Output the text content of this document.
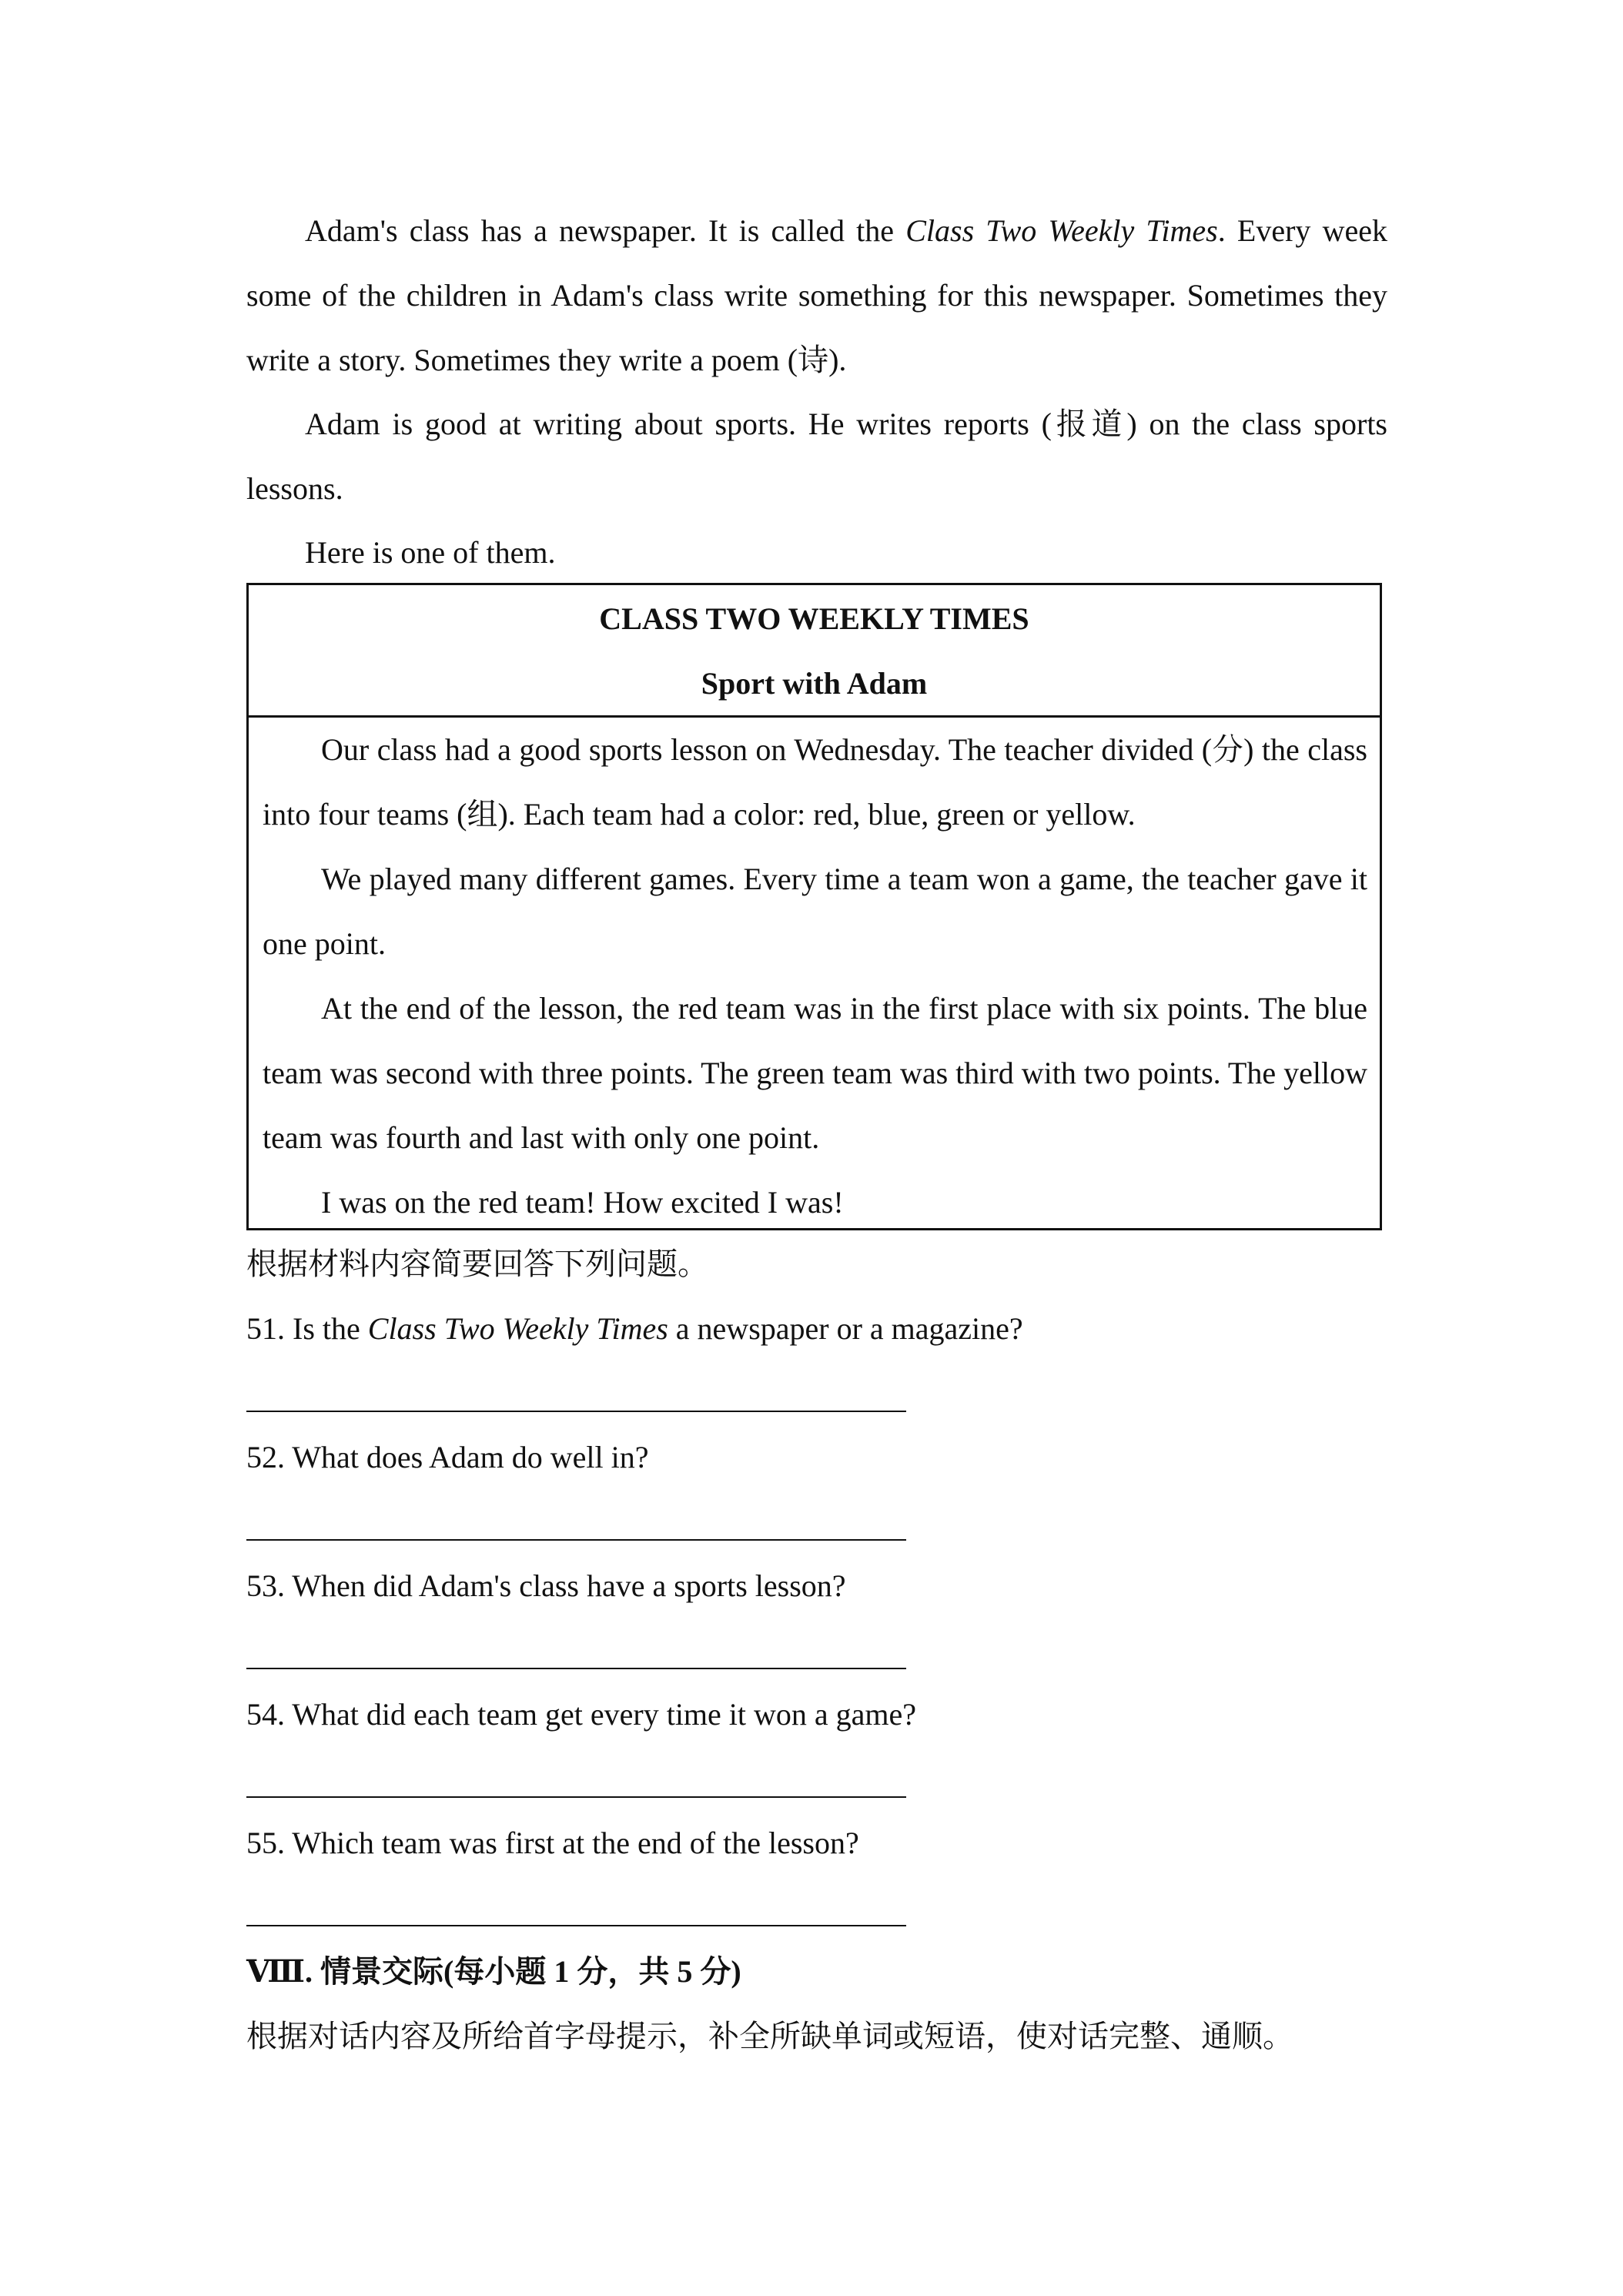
Adam's class has a newspaper. It is called the Class Two Weekly Times. Every week some of the children in Adam's class write something for this newspaper. Sometimes they write a story. Sometimes they write a poem (诗).

Adam is good at writing about sports. He writes reports (报道) on the class sports lessons.

Here is one of them.

CLASS TWO WEEKLY TIMES
Sport with Adam

Our class had a good sports lesson on Wednesday. The teacher divided (分) the class into four teams (组). Each team had a color: red, blue, green or yellow.

We played many different games. Every time a team won a game, the teacher gave it one point.

At the end of the lesson, the red team was in the first place with six points. The blue team was second with three points. The green team was third with two points. The yellow team was fourth and last with only one point.

I was on the red team! How excited I was!

根据材料内容简要回答下列问题。
51. Is the Class Two Weekly Times a newspaper or a magazine?
52. What does Adam do well in?
53. When did Adam's class have a sports lesson?
54. What did each team get every time it won a game?
55. Which team was first at the end of the lesson?
Ⅷ. 情景交际(每小题 1 分，共 5 分)
根据对话内容及所给首字母提示，补全所缺单词或短语，使对话完整、通顺。
